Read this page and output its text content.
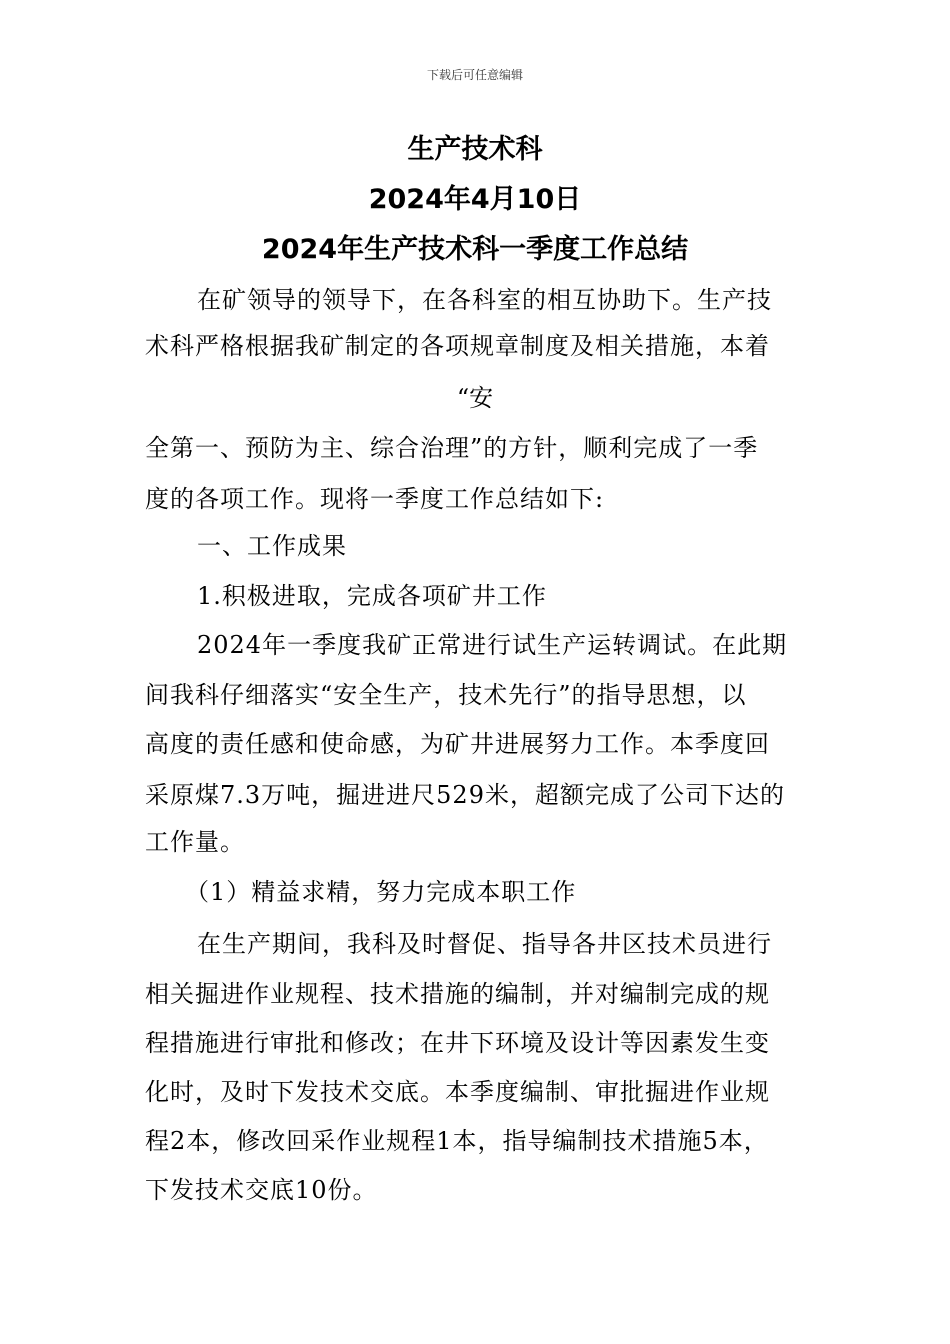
下载后可任意编辑
生产技术科
2024年4月10日
2024年生产技术科一季度工作总结
在矿领导的领导下，在各科室的相互协助下。生产技
术科严格根据我矿制定的各项规章制度及相关措施，本着
“安
全第一、预防为主、综合治理”的方针，顺利完成了一季
度的各项工作。现将一季度工作总结如下:
一、工作成果
1.积极进取，完成各项矿井工作
2024年一季度我矿正常进行试生产运转调试。在此期
间我科仔细落实“安全生产，技术先行”的指导思想，以
高度的责任感和使命感，为矿井进展努力工作。本季度回
采原煤7.3万吨，掘进进尺529米，超额完成了公司下达的
工作量。
（1）精益求精，努力完成本职工作
在生产期间，我科及时督促、指导各井区技术员进行
相关掘进作业规程、技术措施的编制，并对编制完成的规
程措施进行审批和修改；在井下环境及设计等因素发生变
化时，及时下发技术交底。本季度编制、审批掘进作业规
程2本，修改回采作业规程1本，指导编制技术措施5本，
下发技术交底10份。
